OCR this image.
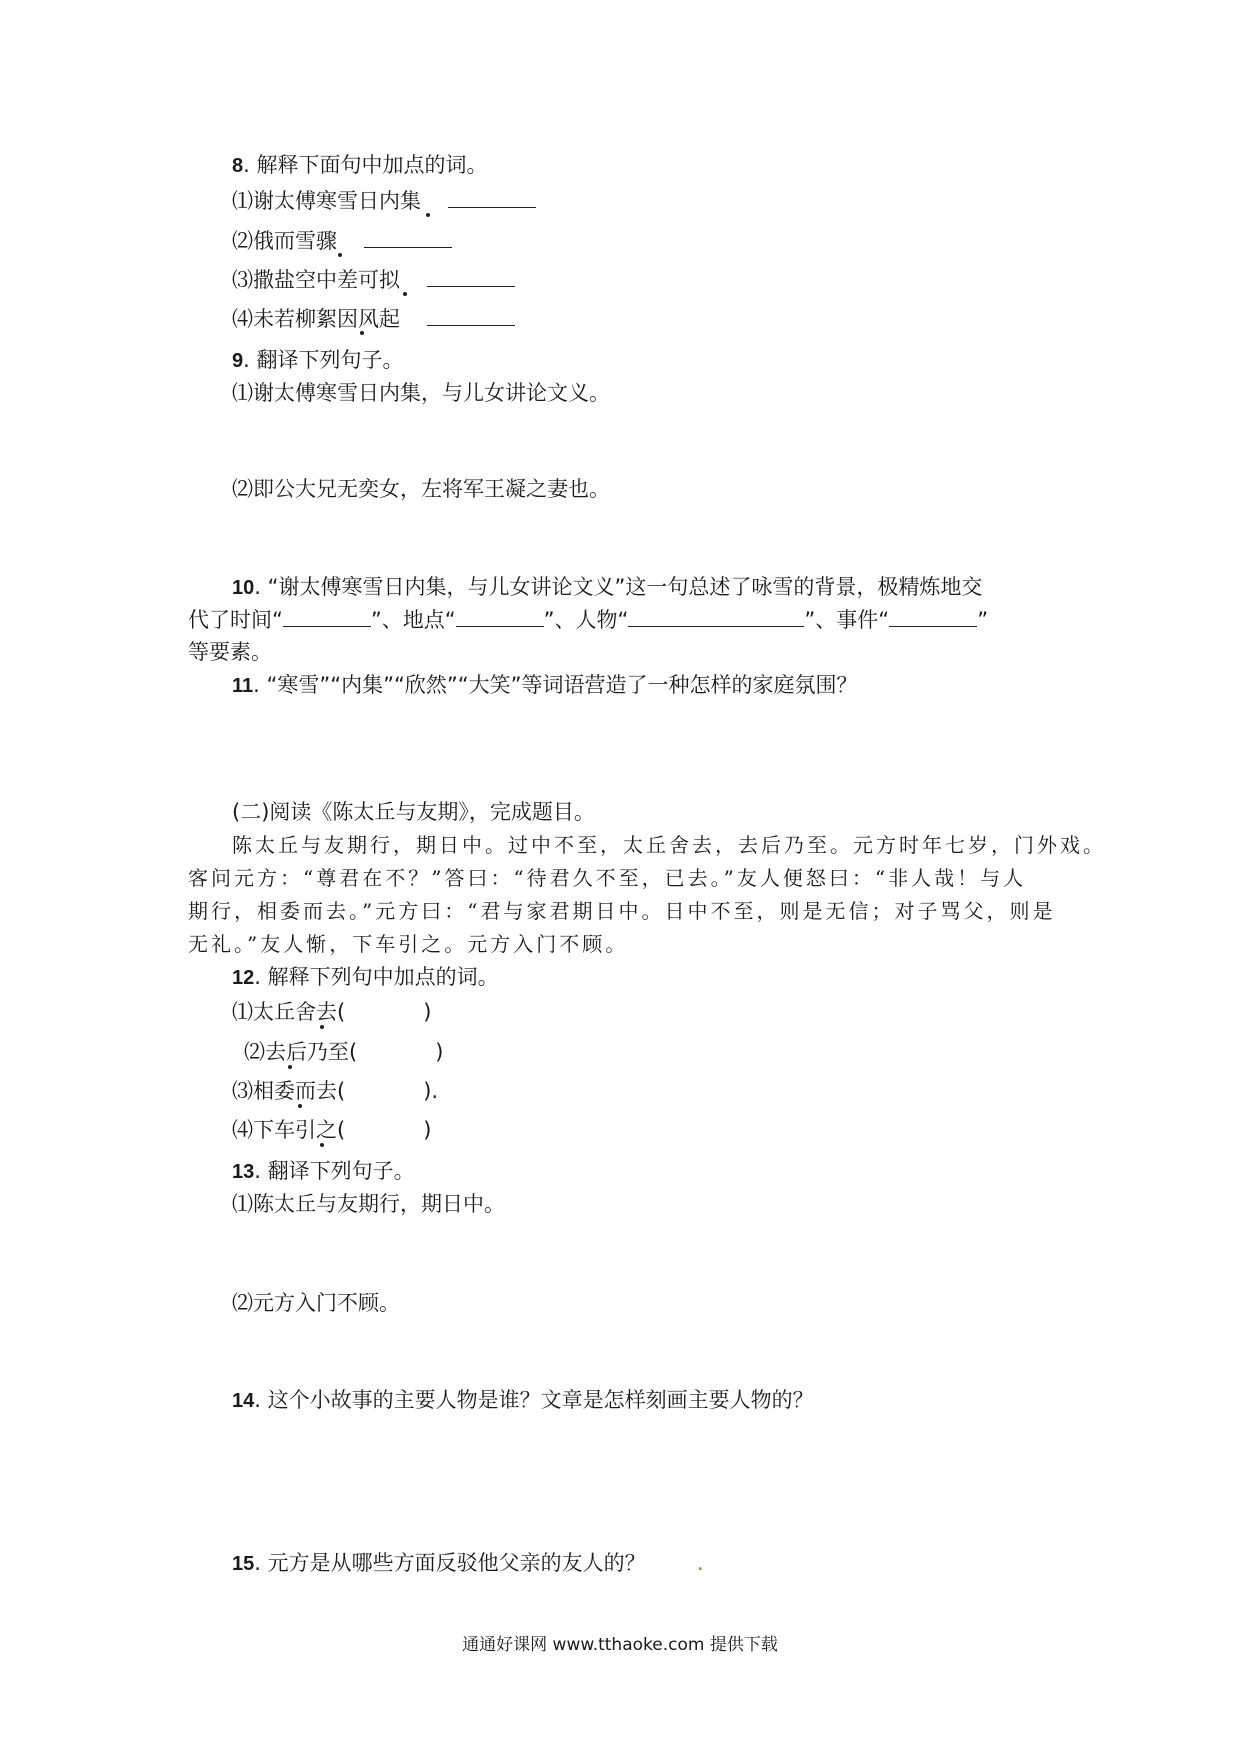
8. 解释下面句中加点的词。
⑴谢太傅寒雪日内集
⑵俄而雪骤
⑶撒盐空中差可拟
⑷未若柳絮因风起
9. 翻译下列句子。
⑴谢太傅寒雪日内集，与儿女讲论文义。
⑵即公大兄无奕女，左将军王凝之妻也。
10. “谢太傅寒雪日内集，与儿女讲论文义”这一句总述了咏雪的背景，极精炼地交
代了时间“	”、地点“	”、人物“	”、事件“	”
等要素。
11. “寒雪”“内集”“欣然”“大笑”等词语营造了一种怎样的家庭氛围？
(二)阅读《陈太丘与友期》，完成题目。
陈太丘与友期行，期日中。过中不至，太丘舍去，去后乃至。元方时年七岁，门外戏。
客问元方：“尊君在不？”答曰：“待君久不至，已去。”友人便怒曰：“非人哉！与人
期行，相委而去。”元方曰：“君与家君期日中。日中不至，则是无信；对子骂父，则是
无礼。”友人惭，下车引之。元方入门不顾。
12. 解释下列句中加点的词。
⑴太丘舍去(	)
⑵去后乃至(	)
⑶相委而去(	).
⑷下车引之(	)
13. 翻译下列句子。
⑴陈太丘与友期行，期日中。
⑵元方入门不顾。
14. 这个小故事的主要人物是谁？文章是怎样刻画主要人物的？
15. 元方是从哪些方面反驳他父亲的友人的？ .
通通好课网 www.tthaoke.com 提供下载
